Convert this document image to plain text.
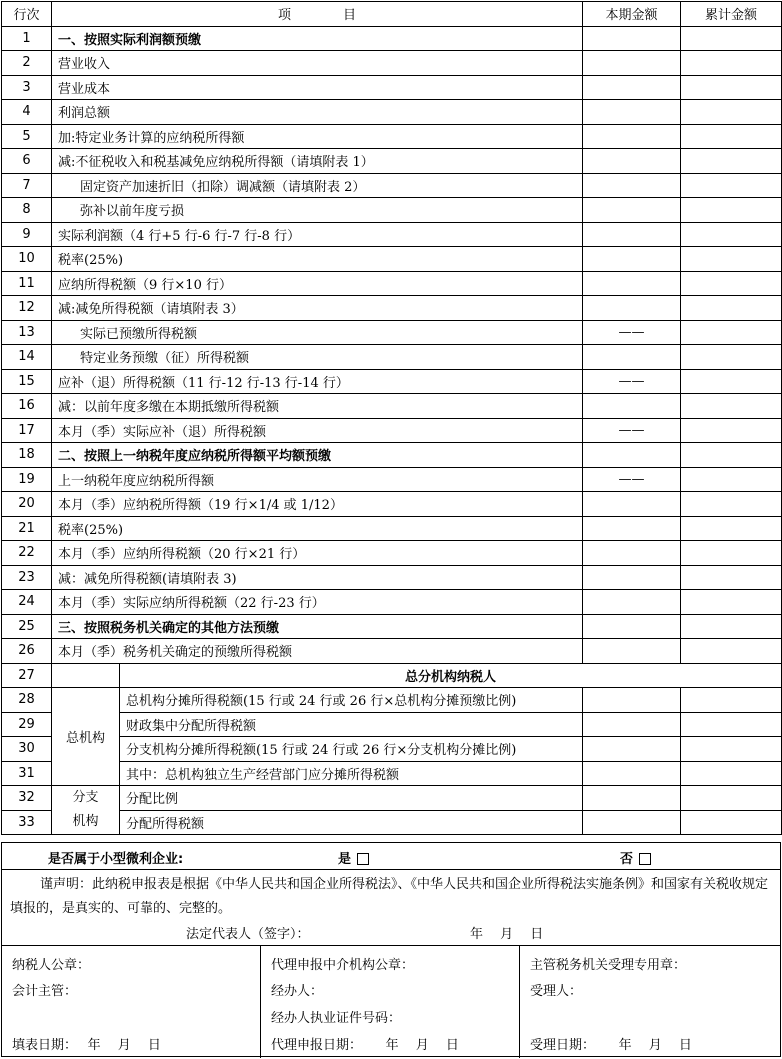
行次	项　　　　目		本期金额	累计金额
1	一、按照实际利润额预缴			
2	营业收入			
3	营业成本			
4	利润总额			
5	加:特定业务计算的应纳税所得额			
6	减:不征税收入和税基减免应纳税所得额（请填附表 1）			
7	固定资产加速折旧（扣除）调减额（请填附表 2）			
8	弥补以前年度亏损			
9	实际利润额（4 行+5 行-6 行-7 行-8 行）			
10	税率(25%)			
11	应纳所得税额（9 行×10 行）			
12	减:减免所得税额（请填附表 3）			
13	实际已预缴所得税额		——	
14	特定业务预缴（征）所得税额			
15	应补（退）所得税额（11 行-12 行-13 行-14 行）		——	
16	减：以前年度多缴在本期抵缴所得税额			
17	本月（季）实际应补（退）所得税额		——	
18	二、按照上一纳税年度应纳税所得额平均额预缴			
19	上一纳税年度应纳税所得额		——	
20	本月（季）应纳税所得额（19 行×1/4 或 1/12）			
21	税率(25%)			
22	本月（季）应纳所得税额（20 行×21 行）			
23	减：减免所得税额(请填附表 3)			
24	本月（季）实际应纳所得税额（22 行-23 行）			
25	三、按照税务机关确定的其他方法预缴			
26	本月（季）税务机关确定的预缴所得税额			
27		总分机构纳税人		
28	总机构	总机构分摊所得税额(15 行或 24 行或 26 行×总机构分摊预缴比例)		
29		财政集中分配所得税额		
30		分支机构分摊所得税额(15 行或 24 行或 26 行×分支机构分摊比例)		
31		其中：总机构独立生产经营部门应分摊所得税额		
32	分支
机构	分配比例		
33		分配所得税额		
是否属于小型微利企业:	是	否
谨声明：此纳税申报表是根据《中华人民共和国企业所得税法》、《中华人民共和国企业所得税法实施条例》和国家有关税收规定填报的，是真实的、可靠的、完整的。
法定代表人（签字）：	年　 月　 日
纳税人公章：
会计主管：
填表日期：　 年　 月　 日
代理申报中介机构公章：
经办人：
经办人执业证件号码：
代理申报日期：　　 年　 月　 日
主管税务机关受理专用章：
受理人：
受理日期：　　 年　 月　 日
